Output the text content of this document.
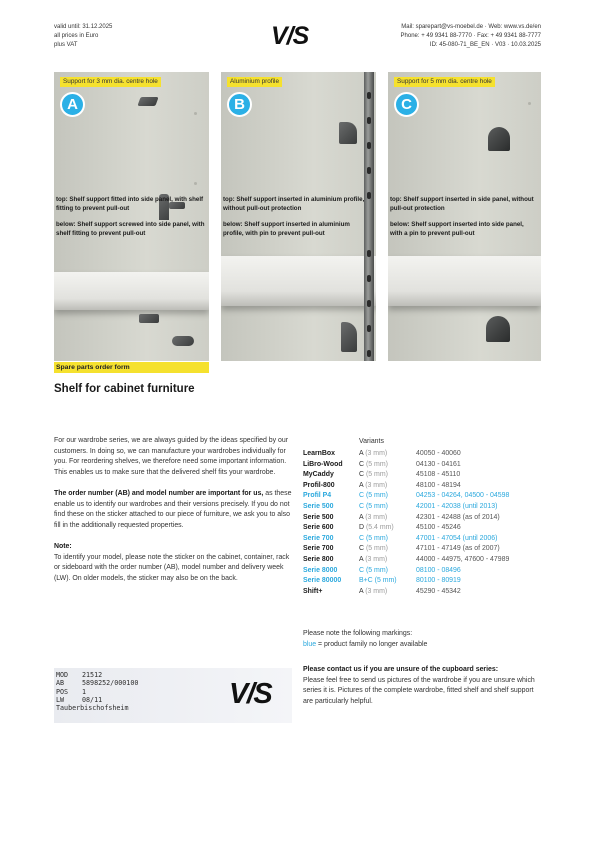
valid until: 31.12.2025
all prices in Euro
plus VAT	V/S	Mail: sparepart@vs-moebel.de · Web: www.vs.de/en
Phone: + 49 9341 88-7770 · Fax: + 49 9341 88-7777
ID: 45-080-71_BE_EN · V03 · 10.03.2025
top: Shelf support fitted into side panel, with shelf fitting to prevent pull-out
below: Shelf support screwed into side panel, with shelf fitting to prevent pull-out
Support for 3 mm dia. centre hole
A
top: Shelf support inserted in aluminium profile, without pull-out protection
below: Shelf support inserted in aluminium profile, with pin to prevent pull-out
Aluminium profile
B
top: Shelf support inserted in side panel, without pull-out protection
below: Shelf support inserted into side panel, with a pin to prevent pull-out
Support for 5 mm dia. centre hole
C
Spare parts order form
Shelf for cabinet furniture

For our wardrobe series, we are always guided by the ideas specified by our customers. In doing so, we can manufacture your wardrobes individually for you. For reordering shelves, we therefore need some important information. This enables us to make sure that the delivered shelf fits your wardrobe.

The order number (AB) and model number are important for us, as these enable us to identify our wardrobes and their versions precisely. If you do not find these on the sticker attached to our piece of furniture, we ask you to also fill in the additionally requested properties.

Note:
To identify your model, please note the sticker on the cabinet, container, rack or sideboard with the order number (AB), model number and delivery week (LW). On older models, the sticker may also be on the back.
MOD 21512
AB	5898252/000100
POS 1
LW	08/11
Tauberbischofsheim	V/S
Variants
LearnBox	A (3 mm)	40050 - 40060
LiBro-Wood C (5 mm)	04130 - 04161
MyCaddy	C (5 mm)	45108 - 45110
Profil-800	A (3 mm)	48100 - 48194
Profil P4	C (5 mm)	04253 - 04264, 04500 - 04598
Serie 500	C (5 mm)	42001 - 42038 (until 2013)
Serie 500	A (3 mm)	42301 - 42488 (as of 2014)
Serie 600	D (5.4 mm)	45100 - 45246
Serie 700	C (5 mm)	47001 - 47054 (until 2006)
Serie 700	C (5 mm)	47101 - 47149 (as of 2007)
Serie 800	A (3 mm)	44000 - 44975, 47600 - 47989
Serie 8000	C (5 mm)	08100 - 08496
Serie 80000	B+C (5 mm)	80100 - 80919
Shift+	A (3 mm)	45290 - 45342
Please note the following markings:
blue = product family no longer available
Please contact us if you are unsure of the cupboard series:
Please feel free to send us pictures of the wardrobe if you are unsure which series it is. Pictures of the complete wardrobe, fitted shelf and shelf support are particularly helpful.
